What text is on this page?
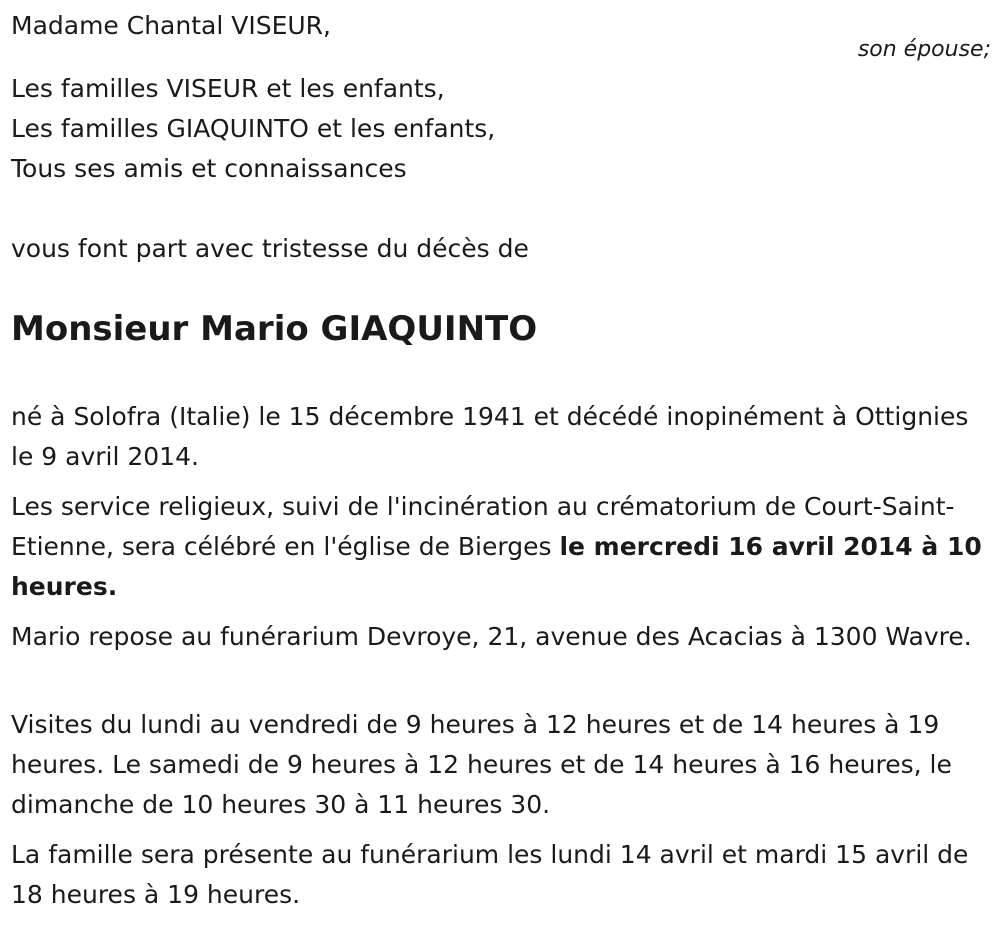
Madame Chantal VISEUR,
son épouse;
Les familles VISEUR et les enfants,
Les familles GIAQUINTO et les enfants,
Tous ses amis et connaissances
vous font part avec tristesse du décès de
Monsieur Mario GIAQUINTO

né à Solofra (Italie) le 15 décembre 1941 et décédé inopinément à Ottignies le 9 avril 2014.

Les service religieux, suivi de l'incinération au crématorium de Court-Saint-Etienne, sera célébré en l'église de Bierges le mercredi 16 avril 2014 à 10 heures.

Mario repose au funérarium Devroye, 21, avenue des Acacias à 1300 Wavre.

Visites du lundi au vendredi de 9 heures à 12 heures et de 14 heures à 19 heures. Le samedi de 9 heures à 12 heures et de 14 heures à 16 heures, le dimanche de 10 heures 30 à 11 heures 30.

La famille sera présente au funérarium les lundi 14 avril et mardi 15 avril de 18 heures à 19 heures.
